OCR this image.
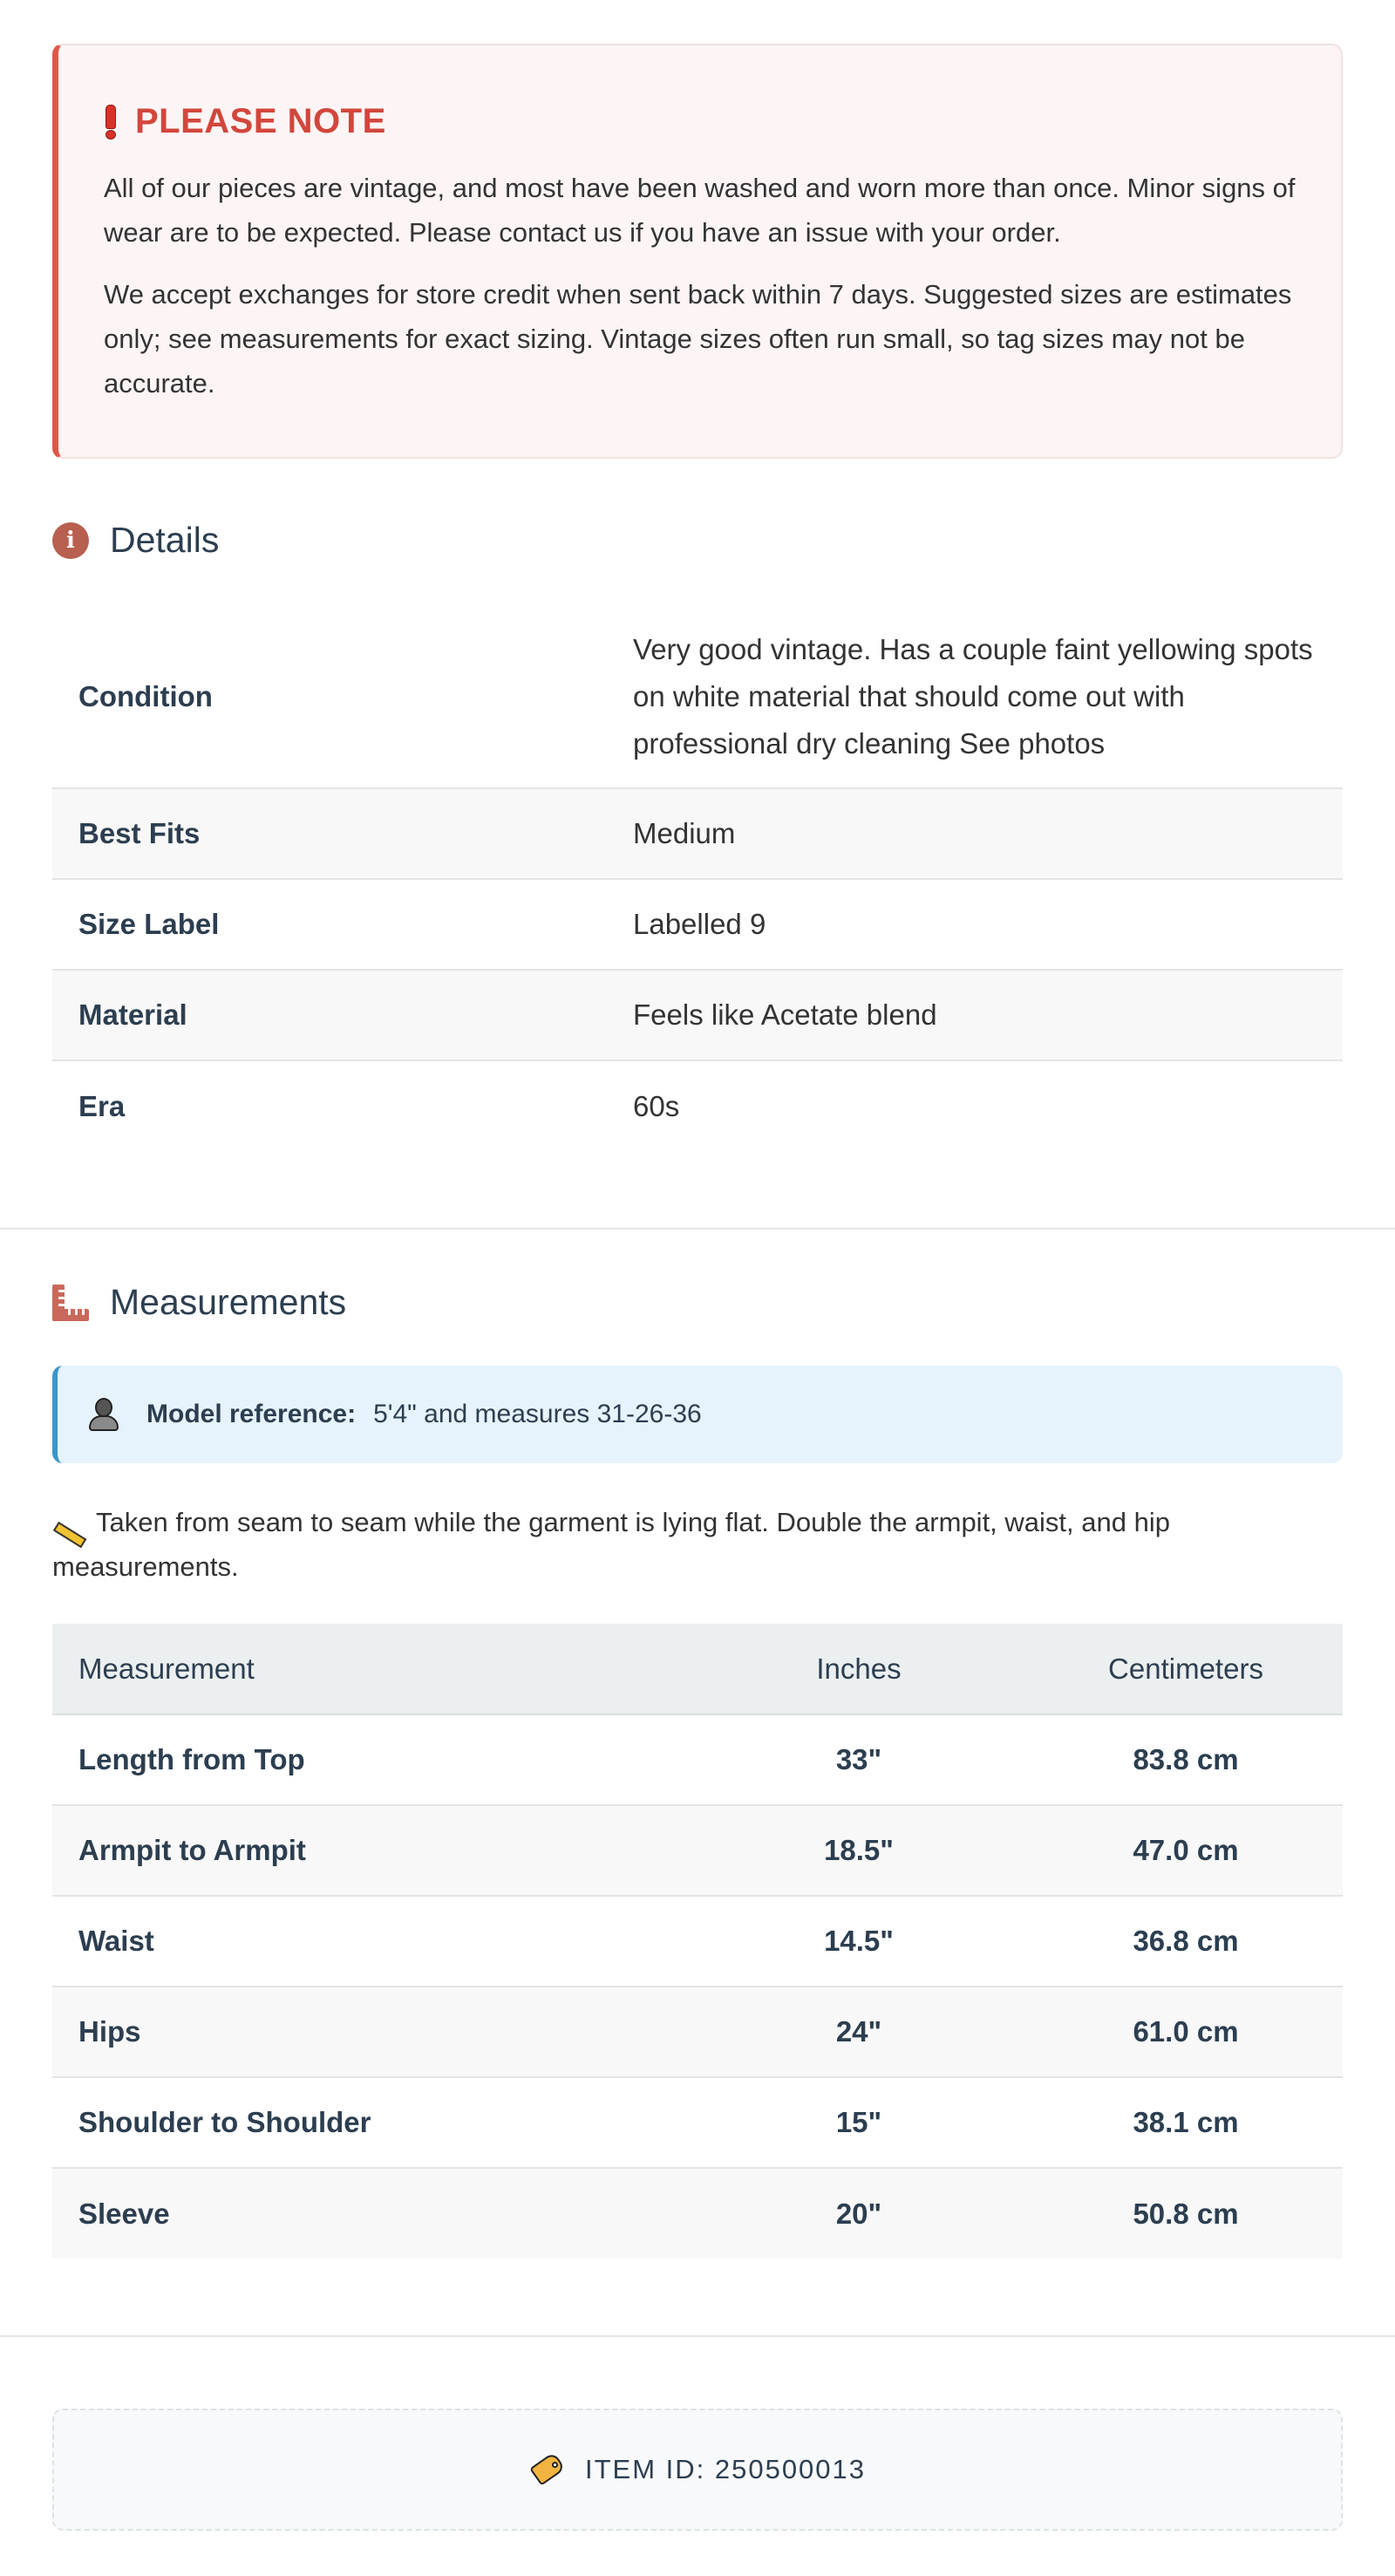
PLEASE NOTE

All of our pieces are vintage, and most have been washed and worn more than once. Minor signs of wear are to be expected. Please contact us if you have an issue with your order.

We accept exchanges for store credit when sent back within 7 days. Suggested sizes are estimates only; see measurements for exact sizing. Vintage sizes often run small, so tag sizes may not be accurate.

i Details
Condition	Very good vintage. Has a couple faint yellowing spots on white material that should come out with professional dry cleaning See photos
Best Fits	Medium
Size Label	Labelled 9
Material	Feels like Acetate blend
Era	60s
Measurements
Model reference: 5'4" and measures 31-26-36
Taken from seam to seam while the garment is lying flat. Double the armpit, waist, and hip measurements.
Measurement	Inches	Centimeters
Length from Top	33"	83.8 cm
Armpit to Armpit	18.5"	47.0 cm
Waist	14.5"	36.8 cm
Hips	24"	61.0 cm
Shoulder to Shoulder	15"	38.1 cm
Sleeve	20"	50.8 cm
ITEM ID: 250500013
